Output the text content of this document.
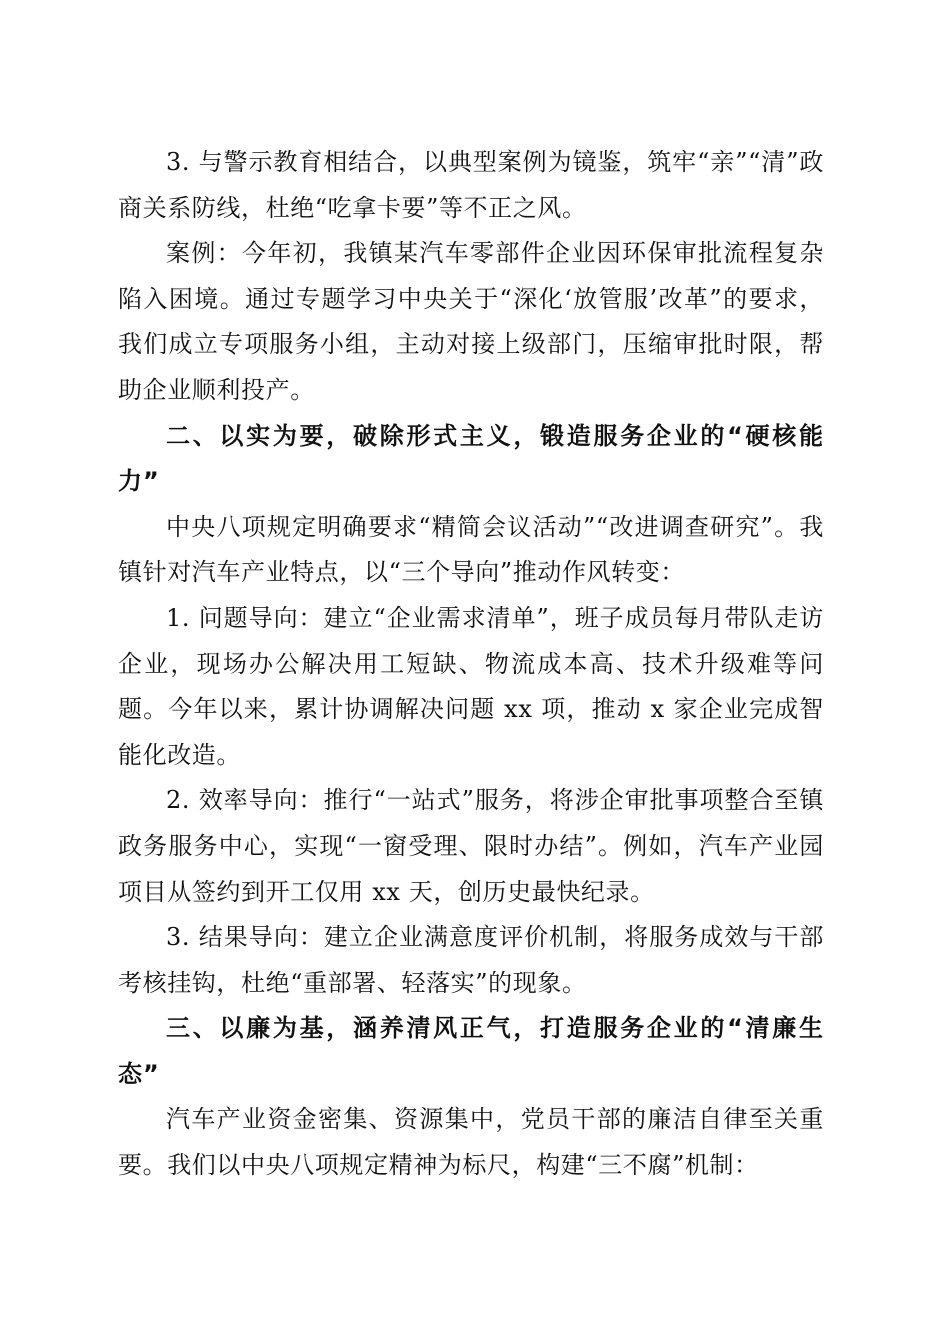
3. 与警示教育相结合，以典型案例为镜鉴，筑牢“亲”“清”政商关系防线，杜绝“吃拿卡要”等不正之风。

案例：今年初，我镇某汽车零部件企业因环保审批流程复杂陷入困境。通过专题学习中央关于“深化‘放管服’改革”的要求，我们成立专项服务小组，主动对接上级部门，压缩审批时限，帮助企业顺利投产。

二、以实为要，破除形式主义，锻造服务企业的“硬核能力”

中央八项规定明确要求“精简会议活动”“改进调查研究”。我镇针对汽车产业特点，以“三个导向”推动作风转变：

1. 问题导向：建立“企业需求清单”，班子成员每月带队走访企业，现场办公解决用工短缺、物流成本高、技术升级难等问题。今年以来，累计协调解决问题 xx 项，推动 x 家企业完成智能化改造。

2. 效率导向：推行“一站式”服务，将涉企审批事项整合至镇政务服务中心，实现“一窗受理、限时办结”。例如，汽车产业园项目从签约到开工仅用 xx 天，创历史最快纪录。

3. 结果导向：建立企业满意度评价机制，将服务成效与干部考核挂钩，杜绝“重部署、轻落实”的现象。

三、以廉为基，涵养清风正气，打造服务企业的“清廉生态”

汽车产业资金密集、资源集中，党员干部的廉洁自律至关重要。我们以中央八项规定精神为标尺，构建“三不腐”机制：
